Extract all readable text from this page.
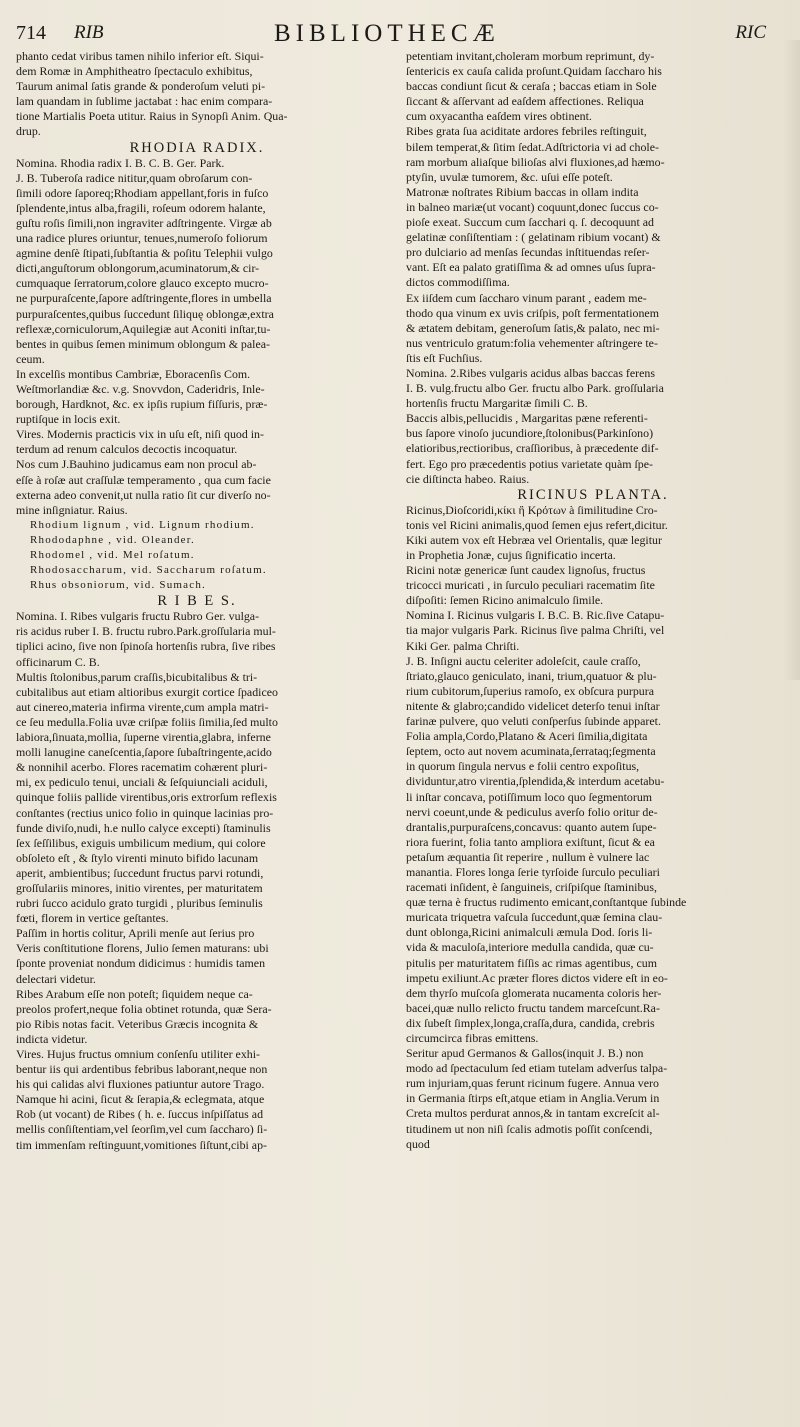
714 RIB	BIBLIOTHECÆ	RIC
phanto cedat viribus tamen nihilo inferior eſt. Siqui-
dem Romæ in Amphitheatro ſpectaculo exhibitus,
Taurum animal ſatis grande & ponderoſum veluti pi-
lam quandam in ſublime jactabat : hac enim compara-
tione Martialis Poeta utitur. Raius in Synopſi Anim. Qua-
drup.
RHODIA RADIX.
Nomina. Rhodia radix I. B. C. B. Ger. Park.
J. B. Tuberoſa radice nititur,quam obroſarum con-
ſimili odore ſaporeq;Rhodiam appellant,foris in fuſco
ſplendente,intus alba,fragili, roſeum odorem halante,
guſtu roſis ſimili,non ingraviter adſtringente. Virgæ ab
una radice plures oriuntur, tenues,numeroſo foliorum
agmine denſè ſtipati,ſubſtantia & poſitu Telephii vulgo
dicti,anguſtorum oblongorum,acuminatorum,& cir-
cumquaque ſerratorum,colore glauco excepto mucro-
ne purpuraſcente,ſapore adſtringente,flores in umbella
purpuraſcentes,quibus ſuccedunt ſiliquę oblongæ,extra
reflexæ,corniculorum,Aquilegiæ aut Aconiti inſtar,tu-
bentes in quibus ſemen minimum oblongum & palea-
ceum.
In excelſis montibus Cambriæ, Eboracenſis Com.
Weſtmorlandiæ &c. v.g. Snovvdon, Caderidris, Inle-
borough, Hardknot, &c. ex ipſis rupium fiſſuris, præ-
ruptiſque in locis exit.
Vires. Modernis practicis vix in uſu eſt, niſi quod in-
terdum ad renum calculos decoctis incoquatur.
Nos cum J.Bauhino judicamus eam non procul ab-
eſſe à roſæ aut craſſulæ temperamento , qua cum facie
externa adeo convenit,ut nulla ratio ſit cur diverſo no-
mine inſigniatur. Raius.
Rhodium lignum , vid. Lignum rhodium.
Rhododaphne , vid. Oleander.
Rhodomel , vid. Mel roſatum.
Rhodosaccharum, vid. Saccharum roſatum.
Rhus obsoniorum, vid. Sumach.
R I B E S.
Nomina. I. Ribes vulgaris fructu Rubro Ger. vulga-
ris acidus ruber I. B. fructu rubro.Park.groſſularia mul-
tiplici acino, ſive non ſpinoſa hortenſis rubra, ſive ribes
officinarum C. B.
Multis ſtolonibus,parum craſſis,bicubitalibus & tri-
cubitalibus aut etiam altioribus exurgit cortice ſpadiceo
aut cinereo,materia infirma virente,cum ampla matri-
ce ſeu medulla.Folia uvæ criſpæ foliis ſimilia,ſed multo
labiora,ſinuata,mollia, ſuperne virentia,glabra, inferne
molli lanugine caneſcentia,ſapore ſubaſtringente,acido
& nonnihil acerbo. Flores racematim cohærent pluri-
mi, ex pediculo tenui, unciali & ſeſquiunciali aciduli,
quinque foliis pallide virentibus,oris extrorſum reflexis
conſtantes (rectius unico folio in quinque lacinias pro-
funde diviſo,nudi, h.e nullo calyce excepti) ſtaminulis
ſex ſeſſilibus, exiguis umbilicum medium, qui colore
obſoleto eſt , & ſtylo virenti minuto bifido lacunam
aperit, ambientibus; ſuccedunt fructus parvi rotundi,
groſſulariis minores, initio virentes, per maturitatem
rubri ſucco acidulo grato turgidi , pluribus ſeminulis
fœti, florem in vertice geſtantes.
Paſſim in hortis colitur, Aprili menſe aut ſerius pro
Veris conſtitutione florens, Julio ſemen maturans: ubi
ſponte proveniat nondum didicimus : humidis tamen
delectari videtur.
Ribes Arabum eſſe non poteſt; ſiquidem neque ca-
preolos profert,neque folia obtinet rotunda, quæ Sera-
pio Ribis notas facit. Veteribus Græcis incognita &
indicta videtur.
Vires. Hujus fructus omnium conſenſu utiliter exhi-
bentur iis qui ardentibus febribus laborant,neque non
his qui calidas alvi fluxiones patiuntur autore Trago.
Namque hi acini, ſicut & ſerapia,& eclegmata, atque
Rob (ut vocant) de Ribes ( h. e. ſuccus inſpiſſatus ad
mellis conſiſtentiam,vel ſeorſim,vel cum ſaccharo) ſi-
tim immenſam reſtinguunt,vomitiones ſiſtunt,cibi ap-
petentiam invitant,choleram morbum reprimunt, dy-
ſentericis ex cauſa calida proſunt.Quidam ſaccharo his
baccas condiunt ſicut & ceraſa ; baccas etiam in Sole
ſiccant & aſſervant ad eaſdem affectiones. Reliqua
cum oxyacantha eaſdem vires obtinent.
Ribes grata ſua aciditate ardores febriles reſtinguit,
bilem temperat,& ſitim ſedat.Adſtrictoria vi ad chole-
ram morbum aliaſque bilioſas alvi fluxiones,ad hæmo-
ptyſin, uvulæ tumorem, &c. uſui eſſe poteſt.
Matronæ noſtrates Ribium baccas in ollam indita
in balneo mariæ(ut vocant) coquunt,donec ſuccus co-
pioſe exeat. Succum cum ſacchari q. ſ. decoquunt ad
gelatinæ conſiſtentiam : ( gelatinam ribium vocant) &
pro dulciario ad menſas ſecundas inſtituendas reſer-
vant. Eſt ea palato gratiſſima & ad omnes uſus ſupra-
dictos commodiſſima.
Ex iiſdem cum ſaccharo vinum parant , eadem me-
thodo qua vinum ex uvis criſpis, poſt fermentationem
& ætatem debitam, generoſum ſatis,& palato, nec mi-
nus ventriculo gratum:folia vehementer aſtringere te-
ſtis eſt Fuchſius.
Nomina. 2.Ribes vulgaris acidus albas baccas ferens
I. B. vulg.fructu albo Ger. fructu albo Park. groſſularia
hortenſis fructu Margaritæ ſimili C. B.
Baccis albis,pellucidis , Margaritas pæne referenti-
bus ſapore vinoſo jucundiore,ſtolonibus(Parkinſono)
elatioribus,rectioribus, craſſioribus, à præcedente dif-
fert. Ego pro præcedentis potius varietate quàm ſpe-
cie diſtincta habeo. Raius.
RICINUS PLANTA.
Ricinus,Dioſcoridi,κίκι ἢ Κρότων à ſimilitudine Cro-
tonis vel Ricini animalis,quod ſemen ejus refert,dicitur.
Kiki autem vox eſt Hebræa vel Orientalis, quæ legitur
in Prophetia Jonæ, cujus ſignificatio incerta.
Ricini notæ genericæ ſunt caudex lignoſus, fructus
tricocci muricati , in ſurculo peculiari racematim ſite
diſpoſiti: ſemen Ricino animalculo ſimile.
Nomina I. Ricinus vulgaris I. B.C. B. Ric.ſive Catapu-
tia major vulgaris Park. Ricinus ſive palma Chriſti, vel
Kiki Ger. palma Chriſti.
J. B. Inſigni auctu celeriter adoleſcit, caule craſſo,
ſtriato,glauco geniculato, inani, trium,quatuor & plu-
rium cubitorum,ſuperius ramoſo, ex obſcura purpura
nitente & glabro;candido videlicet deterſo tenui inſtar
farinæ pulvere, quo veluti conſperſus ſubinde apparet.
Folia ampla,Cordo,Platano & Aceri ſimilia,digitata
ſeptem, octo aut novem acuminata,ſerrataq;ſegmenta
in quorum ſingula nervus e folii centro expoſitus,
dividuntur,atro virentia,ſplendida,& interdum acetabu-
li inſtar concava, potiſſimum loco quo ſegmentorum
nervi coeunt,unde & pediculus averſo folio oritur de-
drantalis,purpuraſcens,concavus: quanto autem ſupe-
riora fuerint, folia tanto ampliora exiſtunt, ſicut & ea
petaſum æquantia ſit reperire , nullum è vulnere lac
manantia. Flores longa ſerie tyrſoide ſurculo peculiari
racemati inſident, è ſanguineis, criſpiſque ſtaminibus,
quæ terna è fructus rudimento emicant,conſtantque ſubinde
muricata triquetra vaſcula ſuccedunt,quæ ſemina clau-
dunt oblonga,Ricini animalculi æmula Dod. ſoris li-
vida & maculoſa,interiore medulla candida, quæ cu-
pitulis per maturitatem fiſſis ac rimas agentibus, cum
impetu exiliunt.Ac præter flores dictos videre eſt in eo-
dem thyrſo muſcoſa glomerata nucamenta coloris her-
bacei,quæ nullo relicto fructu tandem marceſcunt.Ra-
dix ſubeſt ſimplex,longa,craſſa,dura, candida, crebris
circumcirca fibras emittens.
Seritur apud Germanos & Gallos(inquit J. B.) non
modo ad ſpectaculum ſed etiam tutelam adverſus talpa-
rum injuriam,quas ferunt ricinum fugere. Annua vero
in Germania ſtirps eſt,atque etiam in Anglia.Verum in
Creta multos perdurat annos,& in tantam excreſcit al-
titudinem ut non niſi ſcalis admotis poſſit conſcendi,
quod
